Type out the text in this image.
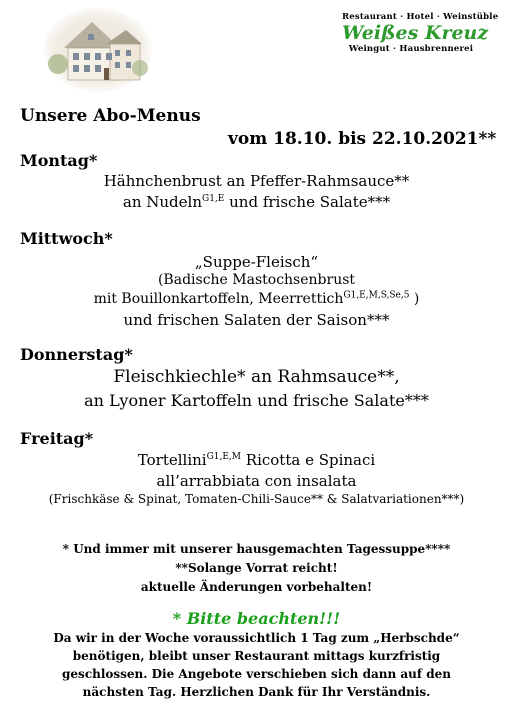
Restaurant · Hotel · Weinstüble
Weißes Kreuz
Weingut · Hausbrennerei
Unsere Abo-Menus
vom 18.10. bis 22.10.2021**
Montag*
Hähnchenbrust an Pfeffer-Rahmsauce**
an Nudeln$^{G1,E}$ und frische Salate***
Mittwoch*
„Suppe-Fleisch“
(Badische Mastochsenbrust
mit Bouillonkartoffeln, Meerrettich$^{G1,E,M,S,Se,5}$ )
und frischen Salaten der Saison***
Donnerstag*
Fleischkiechle* an Rahmsauce**,
an Lyoner Kartoffeln und frische Salate***
Freitag*
Tortellini$^{G1,E,M}$ Ricotta e Spinaci
all’arrabbiata con insalata
(Frischkäse & Spinat, Tomaten-Chili-Sauce** & Salatvariationen***)
* Und immer mit unserer hausgemachten Tagessuppe****
**Solange Vorrat reicht!
aktuelle Änderungen vorbehalten!
* Bitte beachten!!!
Da wir in der Woche voraussichtlich 1 Tag zum „Herbschde“
benötigen, bleibt unser Restaurant mittags kurzfristig
geschlossen. Die Angebote verschieben sich dann auf den
nächsten Tag. Herzlichen Dank für Ihr Verständnis.
